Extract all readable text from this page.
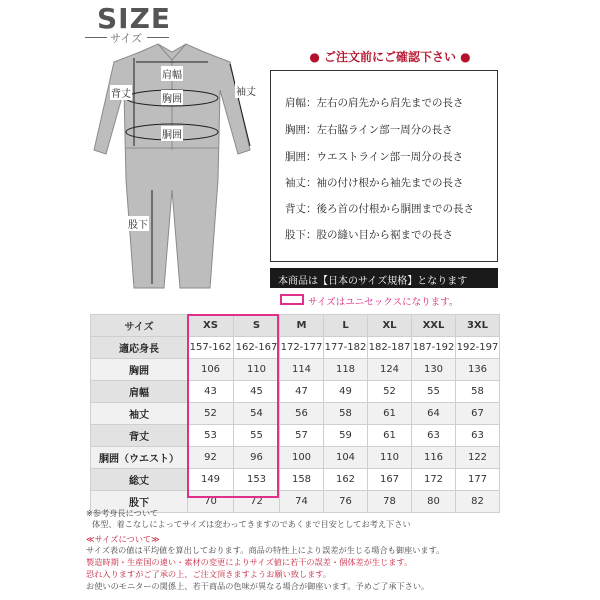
SIZE
サイズ
肩幅
背丈	胸囲
袖丈
胴囲
股下
● ご注文前にご確認下さい ●
肩幅：左右の肩先から肩先までの長さ
胸囲：左右脇ライン部一周分の長さ
胴囲：ウエストライン部一周分の長さ
袖丈：袖の付け根から袖先までの長さ
背丈：後ろ首の付根から胴囲までの長さ
股下：股の縫い目から裾までの長さ
本商品は【日本のサイズ規格】となります
サイズはユニセックスになります。
サイズ	XS	S	M	L	XL	XXL	3XL
適応身長	157-162	162-167	172-177	177-182	182-187	187-192	192-197
胸囲	106	110	114	118	124	130	136
肩幅	43	45	47	49	52	55	58
袖丈	52	54	56	58	61	64	67
背丈	53	55	57	59	61	63	63
胴囲（ウエスト）	92	96	100	104	110	116	122
総丈	149	153	158	162	167	172	177
股下	70	72	74	76	78	80	82
※参考身長について
体型、着こなしによってサイズは変わってきますのであくまで目安としてお考え下さい
≪サイズについて≫
サイズ表の値は平均値を算出しております。商品の特性上により誤差が生じる場合も御座います。
製造時期・生産国の違い・素材の変更によりサイズ値に若干の誤差・個体差が生じます。
恐れ入りますがご了承の上、ご注文頂きますようお願い致します。
お使いのモニターの関係上、若干商品の色味が異なる場合が御座います。予めご了承下さい。
